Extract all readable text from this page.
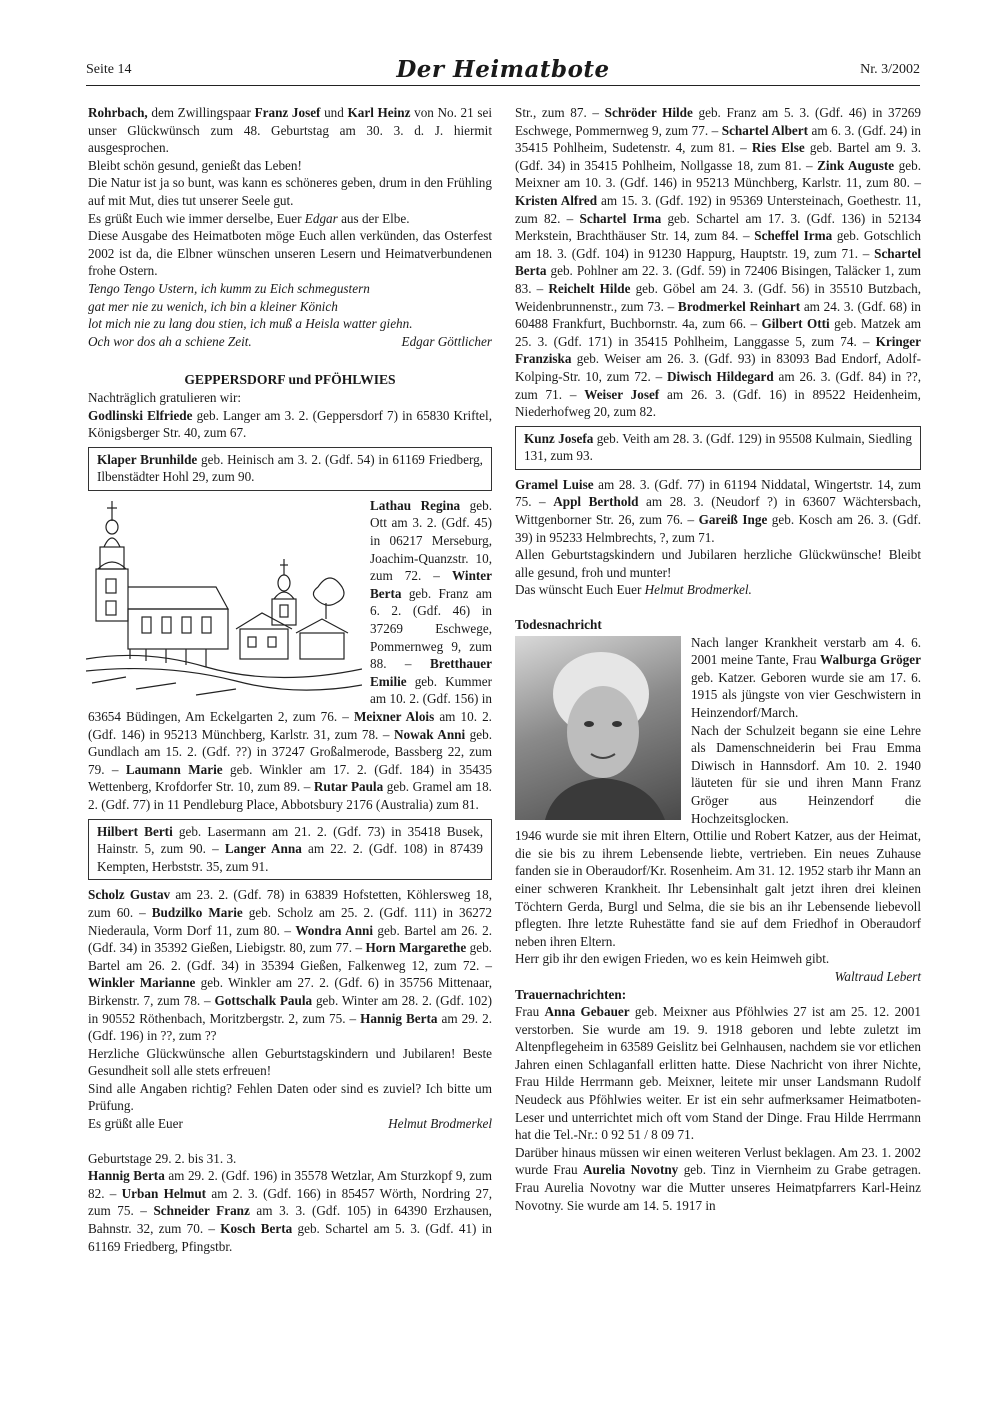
Seite 14	Der Heimatbote	Nr. 3/2002

Rohrbach, dem Zwillingspaar Franz Josef und Karl Heinz von No. 21 sei unser Glückwünsch zum 48. Geburtstag am 30. 3. d. J. hiermit ausgesprochen.

Bleibt schön gesund, genießt das Leben!

Die Natur ist ja so bunt, was kann es schöneres geben, drum in den Frühling auf mit Mut, dies tut unserer Seele gut.

Es grüßt Euch wie immer derselbe, Euer Edgar aus der Elbe.

Diese Ausgabe des Heimatboten möge Euch allen verkünden, das Osterfest 2002 ist da, die Elbner wünschen unseren Lesern und Heimatverbundenen frohe Ostern.

Tengo Tengo Ustern, ich kumm zu Eich schmegustern

gat mer nie zu wenich, ich bin a kleiner Könich

lot mich nie zu lang dou stien, ich muß a Heisla watter giehn.

Och wor dos ah a schiene Zeit.	Edgar Göttlicher

GEPPERSDORF und PFÖHLWIES

Nachträglich gratulieren wir:

Godlinski Elfriede geb. Langer am 3. 2. (Geppersdorf 7) in 65830 Kriftel, Königsberger Str. 40, zum 67.

Klaper Brunhilde geb. Heinisch am 3. 2. (Gdf. 54) in 61169 Friedberg, Ilbenstädter Hohl 29, zum 90.

Lathau Regina geb. Ott am 3. 2. (Gdf. 45) in 06217 Merseburg, Joachim-Quanzstr. 10, zum 72. – Winter Berta geb. Franz am 6. 2. (Gdf. 46) in 37269 Eschwege, Pommernweg 9, zum 88. – Bretthauer Emilie geb. Kummer am 10. 2. (Gdf. 156) in 63654 Büdingen, Am Eckelgarten 2, zum 76. – Meixner Alois am 10. 2. (Gdf. 146) in 95213 Münchberg, Karlstr. 31, zum 78. – Nowak Anni geb. Gundlach am 15. 2. (Gdf. ??) in 37247 Großalmerode, Bassberg 22, zum 79. – Laumann Marie geb. Winkler am 17. 2. (Gdf. 184) in 35435 Wettenberg, Krofdorfer Str. 10, zum 89. – Rutar Paula geb. Gramel am 18. 2. (Gdf. 77) in 11 Pendleburg Place, Abbotsbury 2176 (Australia) zum 81.

Hilbert Berti geb. Lasermann am 21. 2. (Gdf. 73) in 35418 Busek, Hainstr. 5, zum 90. – Langer Anna am 22. 2. (Gdf. 108) in 87439 Kempten, Herbststr. 35, zum 91.

Scholz Gustav am 23. 2. (Gdf. 78) in 63839 Hofstetten, Köhlersweg 18, zum 60. – Budzilko Marie geb. Scholz am 25. 2. (Gdf. 111) in 36272 Niederaula, Vorm Dorf 11, zum 80. – Wondra Anni geb. Bartel am 26. 2. (Gdf. 34) in 35392 Gießen, Liebigstr. 80, zum 77. – Horn Margarethe geb. Bartel am 26. 2. (Gdf. 34) in 35394 Gießen, Falkenweg 12, zum 72. – Winkler Marianne geb. Winkler am 27. 2. (Gdf. 6) in 35756 Mittenaar, Birkenstr. 7, zum 78. – Gottschalk Paula geb. Winter am 28. 2. (Gdf. 102) in 90552 Röthenbach, Moritzbergstr. 2, zum 75. – Hannig Berta am 29. 2. (Gdf. 196) in ??, zum ??

Herzliche Glückwünsche allen Geburtstagskindern und Jubilaren! Beste Gesundheit soll alle stets erfreuen!

Sind alle Angaben richtig? Fehlen Daten oder sind es zuviel? Ich bitte um Prüfung.

Es grüßt alle Euer	Helmut Brodmerkel

Geburtstage 29. 2. bis 31. 3.

Hannig Berta am 29. 2. (Gdf. 196) in 35578 Wetzlar, Am Sturzkopf 9, zum 82. – Urban Helmut am 2. 3. (Gdf. 166) in 85457 Wörth, Nordring 27, zum 75. – Schneider Franz am 3. 3. (Gdf. 105) in 64390 Erzhausen, Bahnstr. 32, zum 70. – Kosch Berta geb. Schartel am 5. 3. (Gdf. 41) in 61169 Friedberg, Pfingstbr.

Str., zum 87. – Schröder Hilde geb. Franz am 5. 3. (Gdf. 46) in 37269 Eschwege, Pommernweg 9, zum 77. – Schartel Albert am 6. 3. (Gdf. 24) in 35415 Pohlheim, Sudetenstr. 4, zum 81. – Ries Else geb. Bartel am 9. 3. (Gdf. 34) in 35415 Pohlheim, Nollgasse 18, zum 81. – Zink Auguste geb. Meixner am 10. 3. (Gdf. 146) in 95213 Münchberg, Karlstr. 11, zum 80. – Kristen Alfred am 15. 3. (Gdf. 192) in 95369 Untersteinach, Goethestr. 11, zum 82. – Schartel Irma geb. Schartel am 17. 3. (Gdf. 136) in 52134 Merkstein, Brachthäuser Str. 14, zum 84. – Scheffel Irma geb. Gotschlich am 18. 3. (Gdf. 104) in 91230 Happurg, Hauptstr. 19, zum 71. – Schartel Berta geb. Pohlner am 22. 3. (Gdf. 59) in 72406 Bisingen, Taläcker 1, zum 83. – Reichelt Hilde geb. Göbel am 24. 3. (Gdf. 56) in 35510 Butzbach, Weidenbrunnenstr., zum 73. – Brodmerkel Reinhart am 24. 3. (Gdf. 68) in 60488 Frankfurt, Buchbornstr. 4a, zum 66. – Gilbert Otti geb. Matzek am 25. 3. (Gdf. 171) in 35415 Pohlheim, Langgasse 5, zum 74. – Kringer Franziska geb. Weiser am 26. 3. (Gdf. 93) in 83093 Bad Endorf, Adolf-Kolping-Str. 10, zum 72. – Diwisch Hildegard am 26. 3. (Gdf. 84) in ??, zum 71. – Weiser Josef am 26. 3. (Gdf. 16) in 89522 Heidenheim, Niederhofweg 20, zum 82.

Kunz Josefa geb. Veith am 28. 3. (Gdf. 129) in 95508 Kulmain, Siedling 131, zum 93.

Gramel Luise am 28. 3. (Gdf. 77) in 61194 Niddatal, Wingertstr. 14, zum 75. – Appl Berthold am 28. 3. (Neudorf ?) in 63607 Wächtersbach, Wittgenborner Str. 26, zum 76. – Gareiß Inge geb. Kosch am 26. 3. (Gdf. 39) in 95233 Helmbrechts, ?, zum 71.

Allen Geburtstagskindern und Jubilaren herzliche Glückwünsche! Bleibt alle gesund, froh und munter!

Das wünscht Euch Euer Helmut Brodmerkel.

Todesnachricht

Nach langer Krankheit verstarb am 4. 6. 2001 meine Tante, Frau Walburga Gröger geb. Katzer. Geboren wurde sie am 17. 6. 1915 als jüngste von vier Geschwistern in Heinzendorf/March.

Nach der Schulzeit begann sie eine Lehre als Damenschneiderin bei Frau Emma Diwisch in Hannsdorf. Am 10. 2. 1940 läuteten für sie und ihren Mann Franz Gröger aus Heinzendorf die Hochzeitsglocken.

1946 wurde sie mit ihren Eltern, Ottilie und Robert Katzer, aus der Heimat, die sie bis zu ihrem Lebensende liebte, vertrieben. Ein neues Zuhause fanden sie in Oberaudorf/Kr. Rosenheim. Am 31. 12. 1952 starb ihr Mann an einer schweren Krankheit. Ihr Lebensinhalt galt jetzt ihren drei kleinen Töchtern Gerda, Burgl und Selma, die sie bis an ihr Lebensende liebevoll pflegten. Ihre letzte Ruhestätte fand sie auf dem Friedhof in Oberaudorf neben ihren Eltern.

Herr gib ihr den ewigen Frieden, wo es kein Heimweh gibt.

Waltraud Lebert

Trauernachrichten:

Frau Anna Gebauer geb. Meixner aus Pföhlwies 27 ist am 25. 12. 2001 verstorben. Sie wurde am 19. 9. 1918 geboren und lebte zuletzt im Altenpflegeheim in 63589 Geislitz bei Gelnhausen, nachdem sie vor etlichen Jahren einen Schlaganfall erlitten hatte. Diese Nachricht von ihrer Nichte, Frau Hilde Herrmann geb. Meixner, leitete mir unser Landsmann Rudolf Neudeck aus Pföhlwies weiter. Er ist ein sehr aufmerksamer Heimatboten-Leser und unterrichtet mich oft vom Stand der Dinge. Frau Hilde Herrmann hat die Tel.-Nr.: 0 92 51 / 8 09 71.

Darüber hinaus müssen wir einen weiteren Verlust beklagen. Am 23. 1. 2002 wurde Frau Aurelia Novotny geb. Tinz in Viernheim zu Grabe getragen. Frau Aurelia Novotny war die Mutter unseres Heimatpfarrers Karl-Heinz Novotny. Sie wurde am 14. 5. 1917 in
